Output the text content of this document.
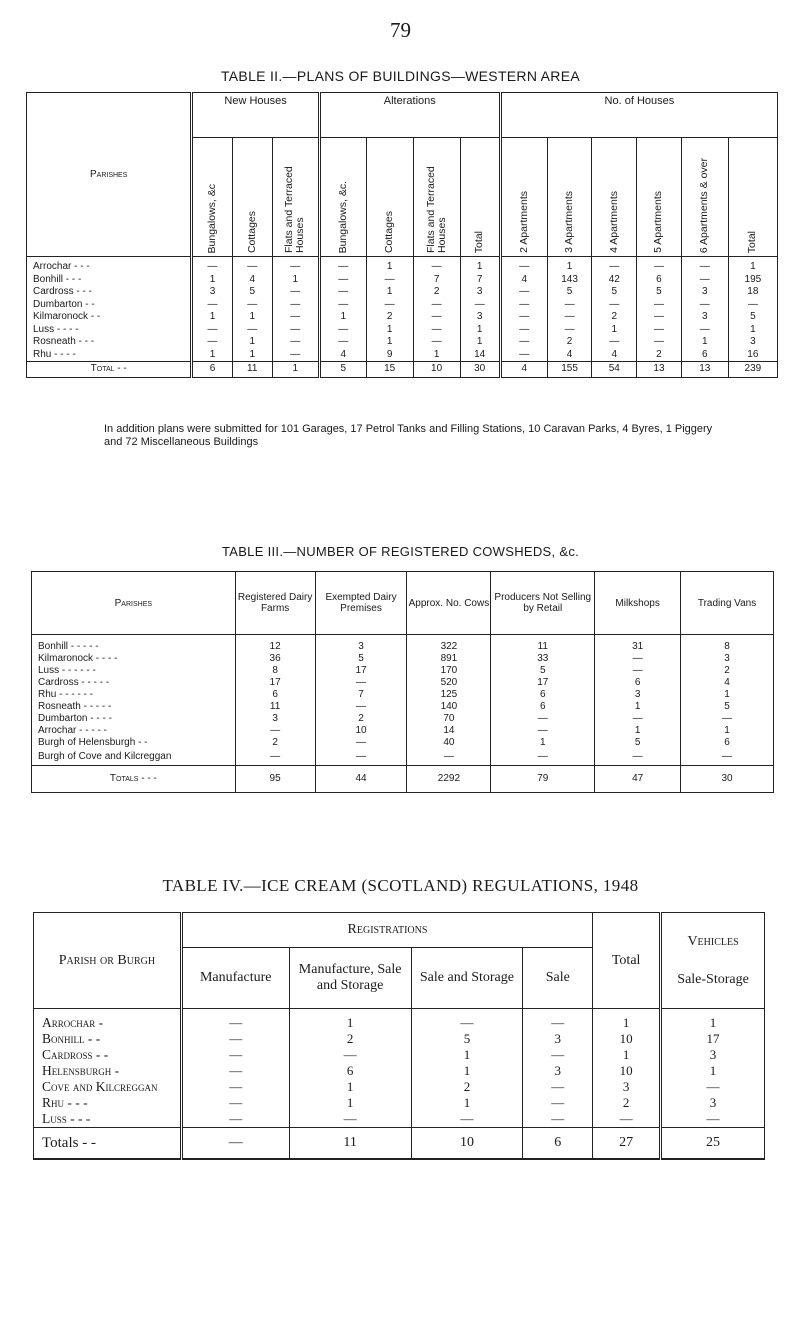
79
TABLE II.—PLANS OF BUILDINGS—WESTERN AREA
Parishes	New Houses			Alterations				No. of Houses					
	Bungalows, &c	Cottages	Flats and Terraced Houses	Bungalows, &c.	Cottages	Flats and Terraced Houses	Total	2 Apartments	3 Apartments	4 Apartments	5 Apartments	6 Apartments & over	Total
Arrochar - - -	—	—	—	—	1	—	1	—	1	—	—	—	1
Bonhill - - -	1	4	1	—	—	7	7	4	143	42	6	—	195
Cardross - - -	3	5	—	—	1	2	3	—	5	5	5	3	18
Dumbarton - -	—	—	—	—	—	—	—	—	—	—	—	—	—
Kilmaronock - -	1	1	—	1	2	—	3	—	—	2	—	3	5
Luss - - - -	—	—	—	—	1	—	1	—	—	1	—	—	1
Rosneath - - -	—	1	—	—	1	—	1	—	2	—	—	1	3
Rhu - - - -	1	1	—	4	9	1	14	—	4	4	2	6	16
Total - -	6	11	1	5	15	10	30	4	155	54	13	13	239
In addition plans were submitted for 101 Garages, 17 Petrol Tanks and Filling Stations, 10 Caravan Parks, 4 Byres, 1 Piggery and 72 Miscellaneous Buildings
TABLE III.—NUMBER OF REGISTERED COWSHEDS, &c.
Parishes	Registered Dairy Farms	Exempted Dairy Premises	Approx. No. Cows	Producers Not Selling by Retail	Milkshops	Trading Vans
Bonhill - - - - -	12	3	322	11	31	8
Kilmaronock - - - -	36	5	891	33	—	3
Luss - - - - - -	8	17	170	5	—	2
Cardross - - - - -	17	—	520	17	6	4
Rhu - - - - - -	6	7	125	6	3	1
Rosneath - - - - -	11	—	140	6	1	5
Dumbarton - - - -	3	2	70	—	—	—
Arrochar - - - - -	—	10	14	—	1	1
Burgh of Helensburgh - -	2	—	40	1	5	6
Burgh of Cove and Kilcreggan	—	—	—	—	—	—
Totals - - -	95	44	2292	79	47	30
TABLE IV.—ICE CREAM (SCOTLAND) REGULATIONS, 1948
Parish or Burgh	Registrations				Total	Vehicles
Sale-Storage

	Manufacture	Manufacture, Sale and Storage	Sale and Storage	Sale		
Arrochar -	—	1	—	—	1	1
Bonhill - -	—	2	5	3	10	17
Cardross - -	—	—	1	—	1	3
Helensburgh -	—	6	1	3	10	1
Cove and Kilcreggan	—	1	2	—	3	—
Rhu - - -	—	1	1	—	2	3
Luss - - -	—	—	—	—	—	—
Totals - -	—	11	10	6	27	25
